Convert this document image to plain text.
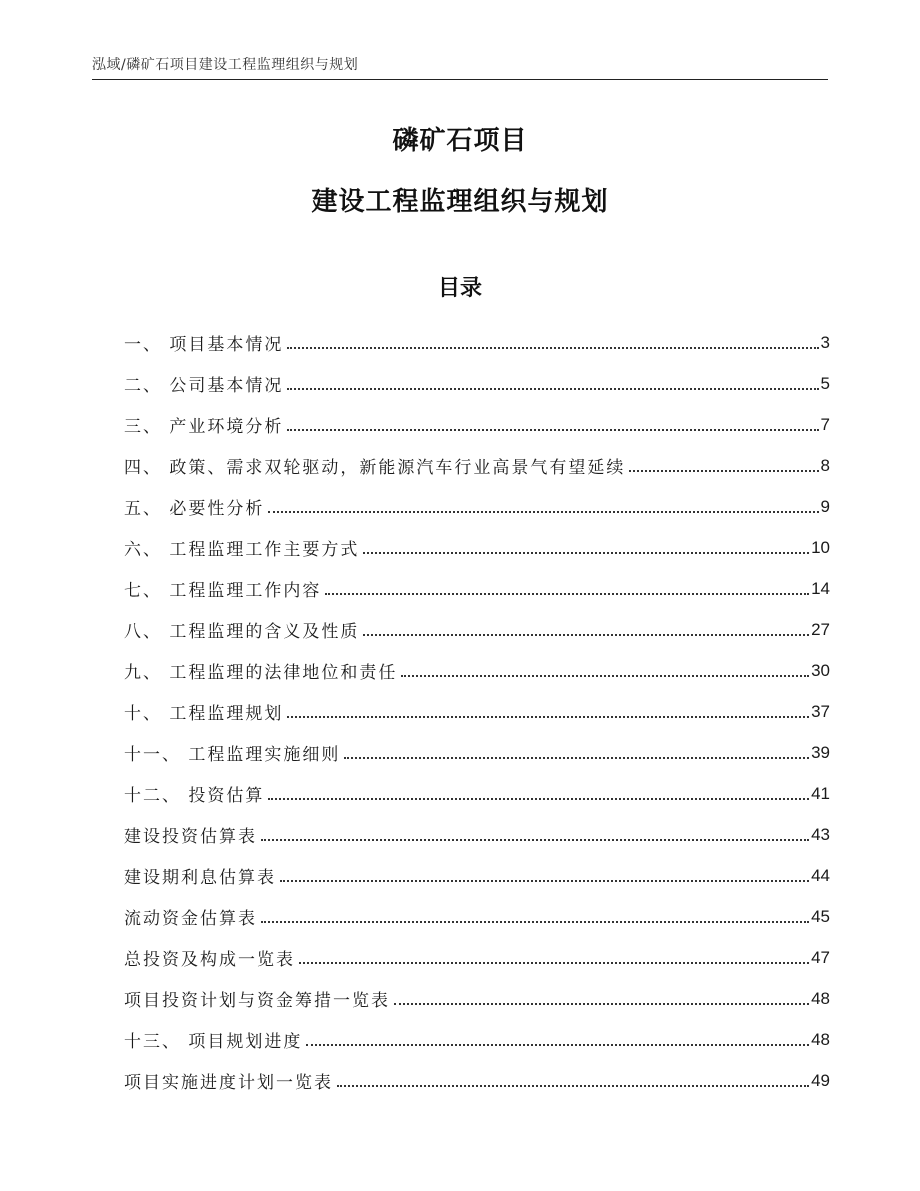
泓域/磷矿石项目建设工程监理组织与规划
磷矿石项目
建设工程监理组织与规划
目录
一、 项目基本情况	3
二、 公司基本情况	5
三、 产业环境分析	7
四、 政策、需求双轮驱动，新能源汽车行业高景气有望延续	8
五、 必要性分析	9
六、 工程监理工作主要方式	10
七、 工程监理工作内容	14
八、 工程监理的含义及性质	27
九、 工程监理的法律地位和责任	30
十、 工程监理规划	37
十一、 工程监理实施细则	39
十二、 投资估算	41
建设投资估算表	43
建设期利息估算表	44
流动资金估算表	45
总投资及构成一览表	47
项目投资计划与资金筹措一览表	48
十三、 项目规划进度	48
项目实施进度计划一览表	49
